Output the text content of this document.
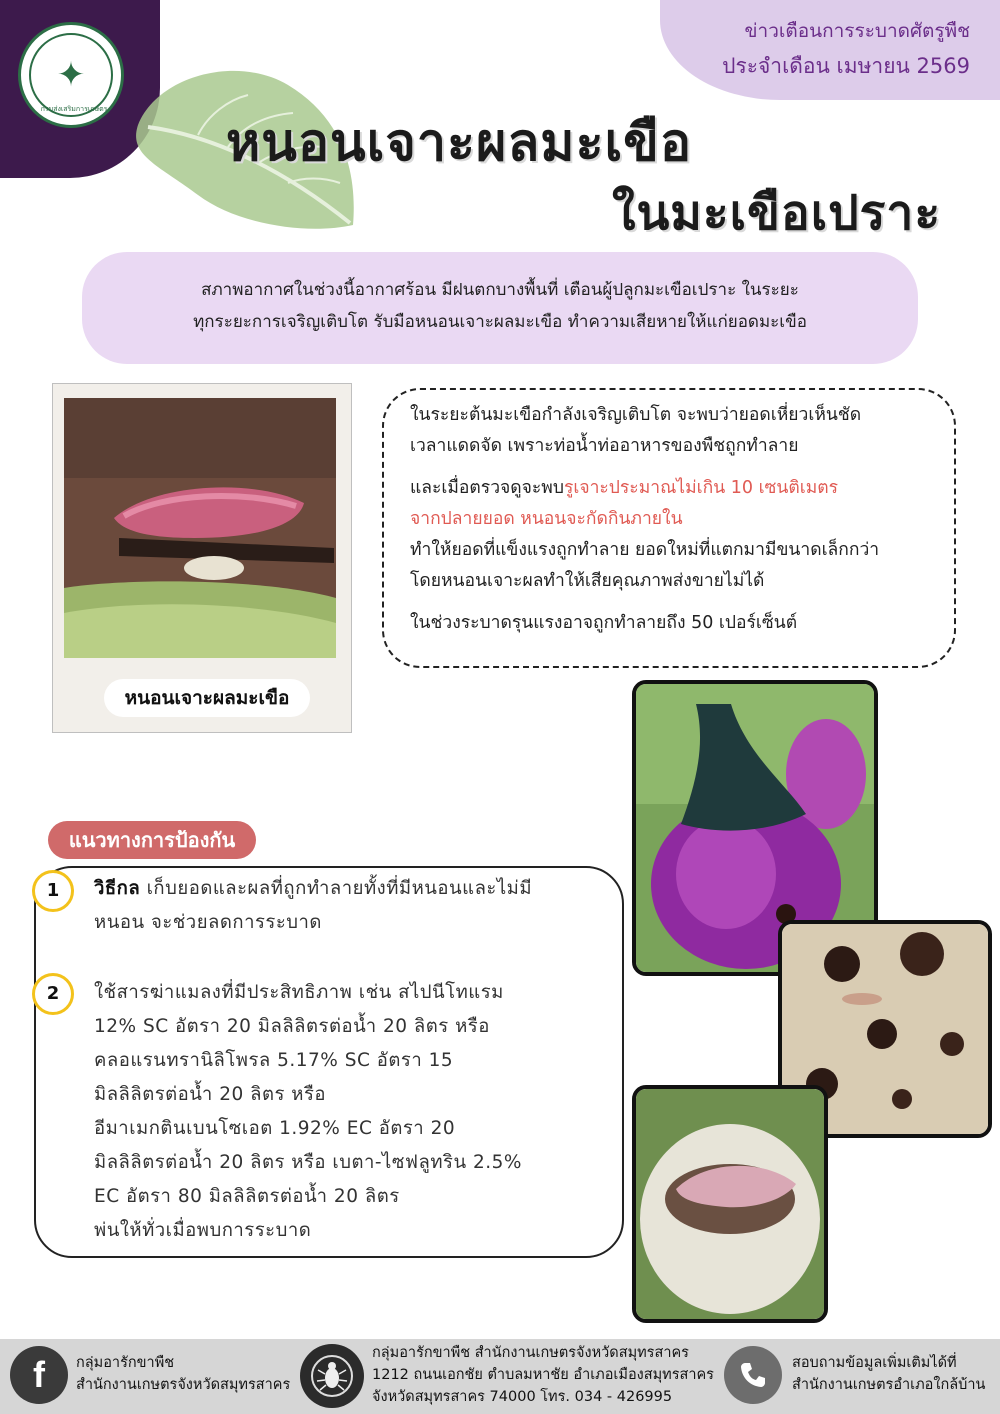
✦
กรมส่งเสริมการเกษตร
ข่าวเตือนการระบาดศัตรูพืช
ประจำเดือน เมษายน 2569
หนอนเจาะผลมะเขือ
ในมะเขือเปราะ
สภาพอากาศในช่วงนี้อากาศร้อน มีฝนตกบางพื้นที่ เตือนผู้ปลูกมะเขือเปราะ ในระยะ
ทุกระยะการเจริญเติบโต รับมือหนอนเจาะผลมะเขือ ทำความเสียหายให้แก่ยอดมะเขือ
หนอนเจาะผลมะเขือ

ในระยะต้นมะเขือกำลังเจริญเติบโต จะพบว่ายอดเหี่ยวเห็นชัด
เวลาแดดจัด เพราะท่อน้ำท่ออาหารของพืชถูกทำลาย

และเมื่อตรวจดูจะพบรูเจาะประมาณไม่เกิน 10 เซนติเมตร
จากปลายยอด หนอนจะกัดกินภายใน
ทำให้ยอดที่แข็งแรงถูกทำลาย ยอดใหม่ที่แตกมามีขนาดเล็กกว่า
โดยหนอนเจาะผลทำให้เสียคุณภาพส่งขายไม่ได้

ในช่วงระบาดรุนแรงอาจถูกทำลายถึง 50 เปอร์เซ็นต์

แนวทางการป้องกัน
1	วิธีกล เก็บยอดและผลที่ถูกทำลายทั้งที่มีหนอนและไม่มี
หนอน จะช่วยลดการระบาด
2	ใช้สารฆ่าแมลงที่มีประสิทธิภาพ เช่น สไปนีโทแรม
12% SC อัตรา 20 มิลลิลิตรต่อน้ำ 20 ลิตร หรือ
คลอแรนทรานิลิโพรล 5.17% SC อัตรา 15
มิลลิลิตรต่อน้ำ 20 ลิตร หรือ
อีมาเมกตินเบนโซเอต 1.92% EC อัตรา 20
มิลลิลิตรต่อน้ำ 20 ลิตร หรือ เบตา-ไซฟลูทริน 2.5%
EC อัตรา 80 มิลลิลิตรต่อน้ำ 20 ลิตร
พ่นให้ทั่วเมื่อพบการระบาด
f	กลุ่มอารักขาพืช
สำนักงานเกษตรจังหวัดสมุทรสาคร
กลุ่มอารักขาพืช สำนักงานเกษตรจังหวัดสมุทรสาคร
1212 ถนนเอกชัย ตำบลมหาชัย อำเภอเมืองสมุทรสาคร
จังหวัดสมุทรสาคร 74000 โทร. 034 - 426995
สอบถามข้อมูลเพิ่มเติมได้ที่
สำนักงานเกษตรอำเภอใกล้บ้าน
